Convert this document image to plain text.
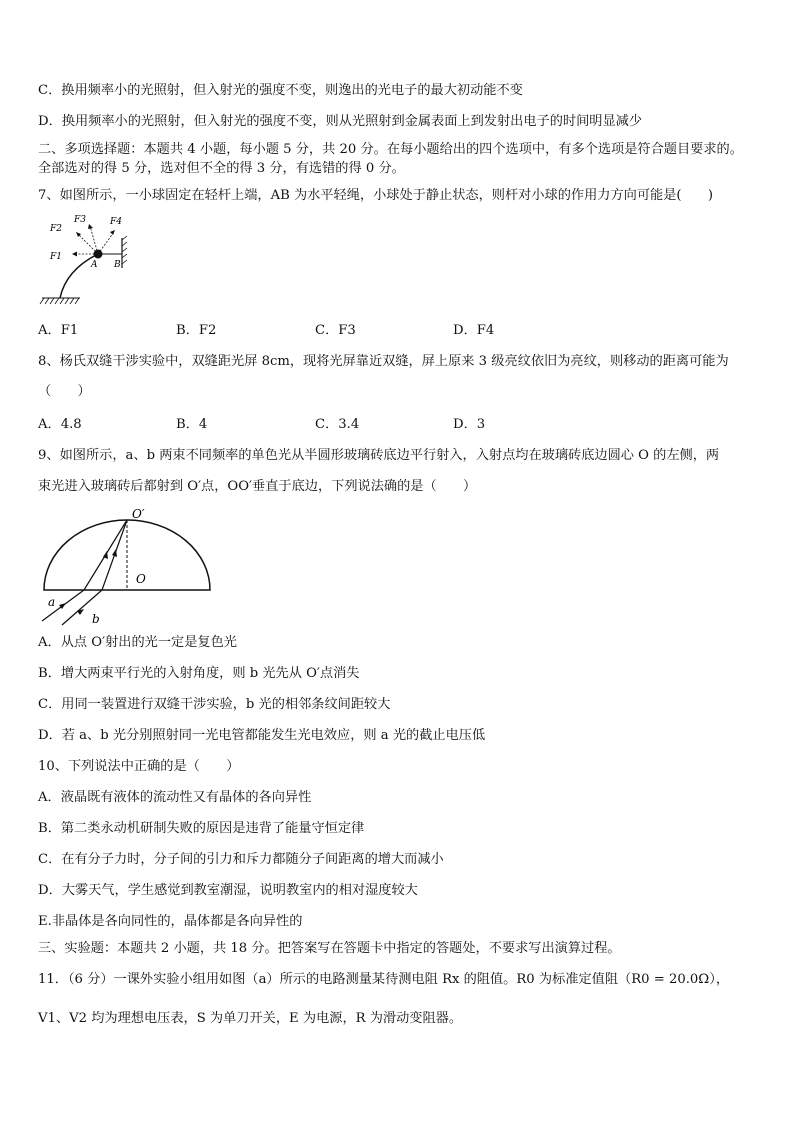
C．换用频率小的光照射，但入射光的强度不变，则逸出的光电子的最大初动能不变
D．换用频率小的光照射，但入射光的强度不变，则从光照射到金属表面上到发射出电子的时间明显减少
二、多项选择题：本题共 4 小题，每小题 5 分，共 20 分。在每小题给出的四个选项中，有多个选项是符合题目要求的。
全部选对的得 5 分，选对但不全的得 3 分，有选错的得 0 分。
7、如图所示，一小球固定在轻杆上端，AB 为水平轻绳，小球处于静止状态，则杆对小球的作用力方向可能是(　　)
F1
F2
F3	F4
A B
A．F1	B．F2	C．F3	D．F4
8、杨氏双缝干涉实验中，双缝距光屏 8cm，现将光屏靠近双缝，屏上原来 3 级亮纹依旧为亮纹，则移动的距离可能为
（　　）
A．4.8	B．4	C．3.4	D．3
9、如图所示，a、b 两束不同频率的单色光从半圆形玻璃砖底边平行射入，入射点均在玻璃砖底边圆心 O 的左侧，两
束光进入玻璃砖后都射到 O′点，OO′垂直于底边，下列说法确的是（　　）
O′
O
a
b
A．从点 O′射出的光一定是复色光
B．增大两束平行光的入射角度，则 b 光先从 O′点消失
C．用同一装置进行双缝干涉实验，b 光的相邻条纹间距较大
D．若 a、b 光分别照射同一光电管都能发生光电效应，则 a 光的截止电压低
10、下列说法中正确的是（　　）
A．液晶既有液体的流动性又有晶体的各向异性
B．第二类永动机研制失败的原因是违背了能量守恒定律
C．在有分子力时，分子间的引力和斥力都随分子间距离的增大而减小
D．大雾天气，学生感觉到教室潮湿，说明教室内的相对湿度较大
E.非晶体是各向同性的，晶体都是各向异性的
三、实验题：本题共 2 小题，共 18 分。把答案写在答题卡中指定的答题处，不要求写出演算过程。
11．（6 分）一课外实验小组用如图（a）所示的电路测量某待测电阻 Rx 的阻值。R0 为标准定值阻（R0 = 20.0Ω），
V1、V2 均为理想电压表，S 为单刀开关，E 为电源，R 为滑动变阻器。
